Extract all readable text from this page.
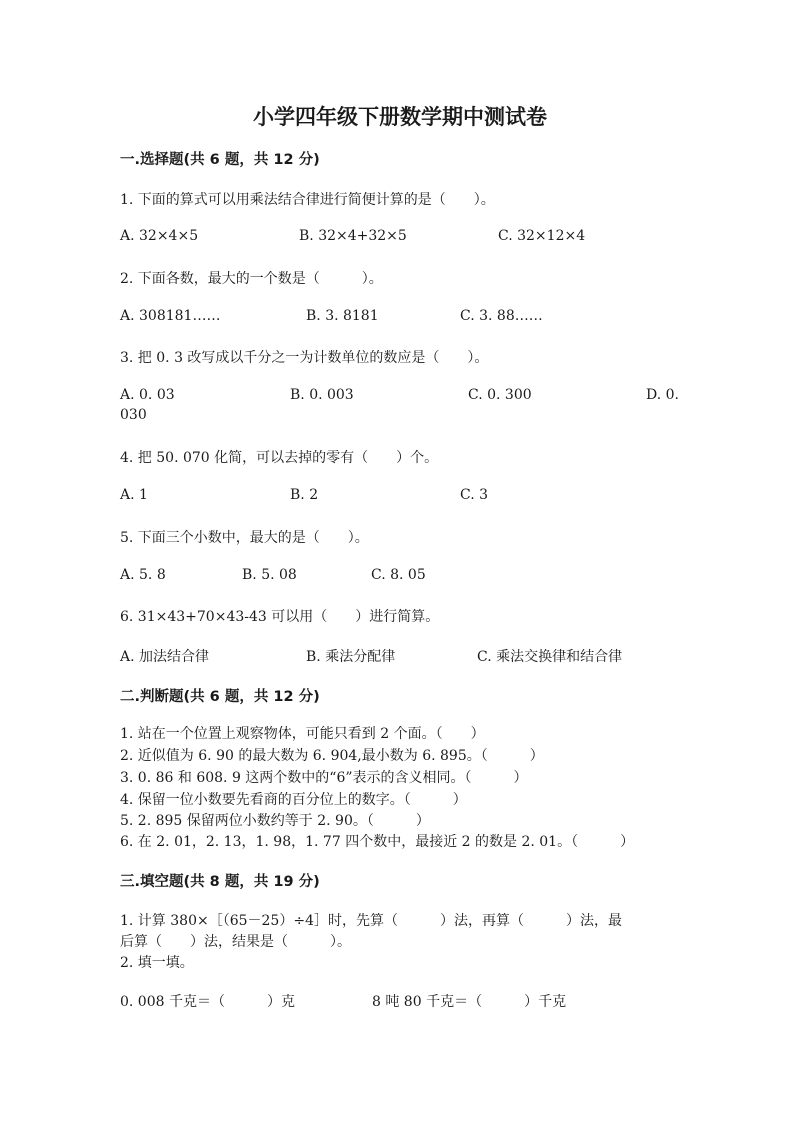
小学四年级下册数学期中测试卷
一.选择题(共 6 题，共 12 分)
1. 下面的算式可以用乘法结合律进行简便计算的是（　　）。
A. 32×4×5	B. 32×4+32×5	C. 32×12×4
2. 下面各数，最大的一个数是（　　　）。
A. 308181……	B. 3. 8181	C. 3. 88……
3. 把 0. 3 改写成以千分之一为计数单位的数应是（　　）。
A. 0. 03	B. 0. 003	C. 0. 300	D. 0.
030
4. 把 50. 070 化简，可以去掉的零有（　　）个。
A. 1	B. 2	C. 3
5. 下面三个小数中，最大的是（　　）。
A. 5. 8	B. 5. 08	C. 8. 05
6. 31×43+70×43-43 可以用（　　）进行简算。
A. 加法结合律	B. 乘法分配律	C. 乘法交换律和结合律
二.判断题(共 6 题，共 12 分)
1. 站在一个位置上观察物体，可能只看到 2 个面。（　　）
2. 近似值为 6. 90 的最大数为 6. 904,最小数为 6. 895。（　　　）
3. 0. 86 和 608. 9 这两个数中的“6”表示的含义相同。（　　　）
4. 保留一位小数要先看商的百分位上的数字。（　　　）
5. 2. 895 保留两位小数约等于 2. 90。（　　　）
6. 在 2. 01，2. 13，1. 98，1. 77 四个数中，最接近 2 的数是 2. 01。（　　　）
三.填空题(共 8 题，共 19 分)
1. 计算 380×［（65－25）÷4］时，先算（　　　）法，再算（　　　）法，最
后算（　　）法，结果是（　　　）。
2. 填一填。
0. 008 千克＝（　　　）克	8 吨 80 千克＝（　　　）千克
